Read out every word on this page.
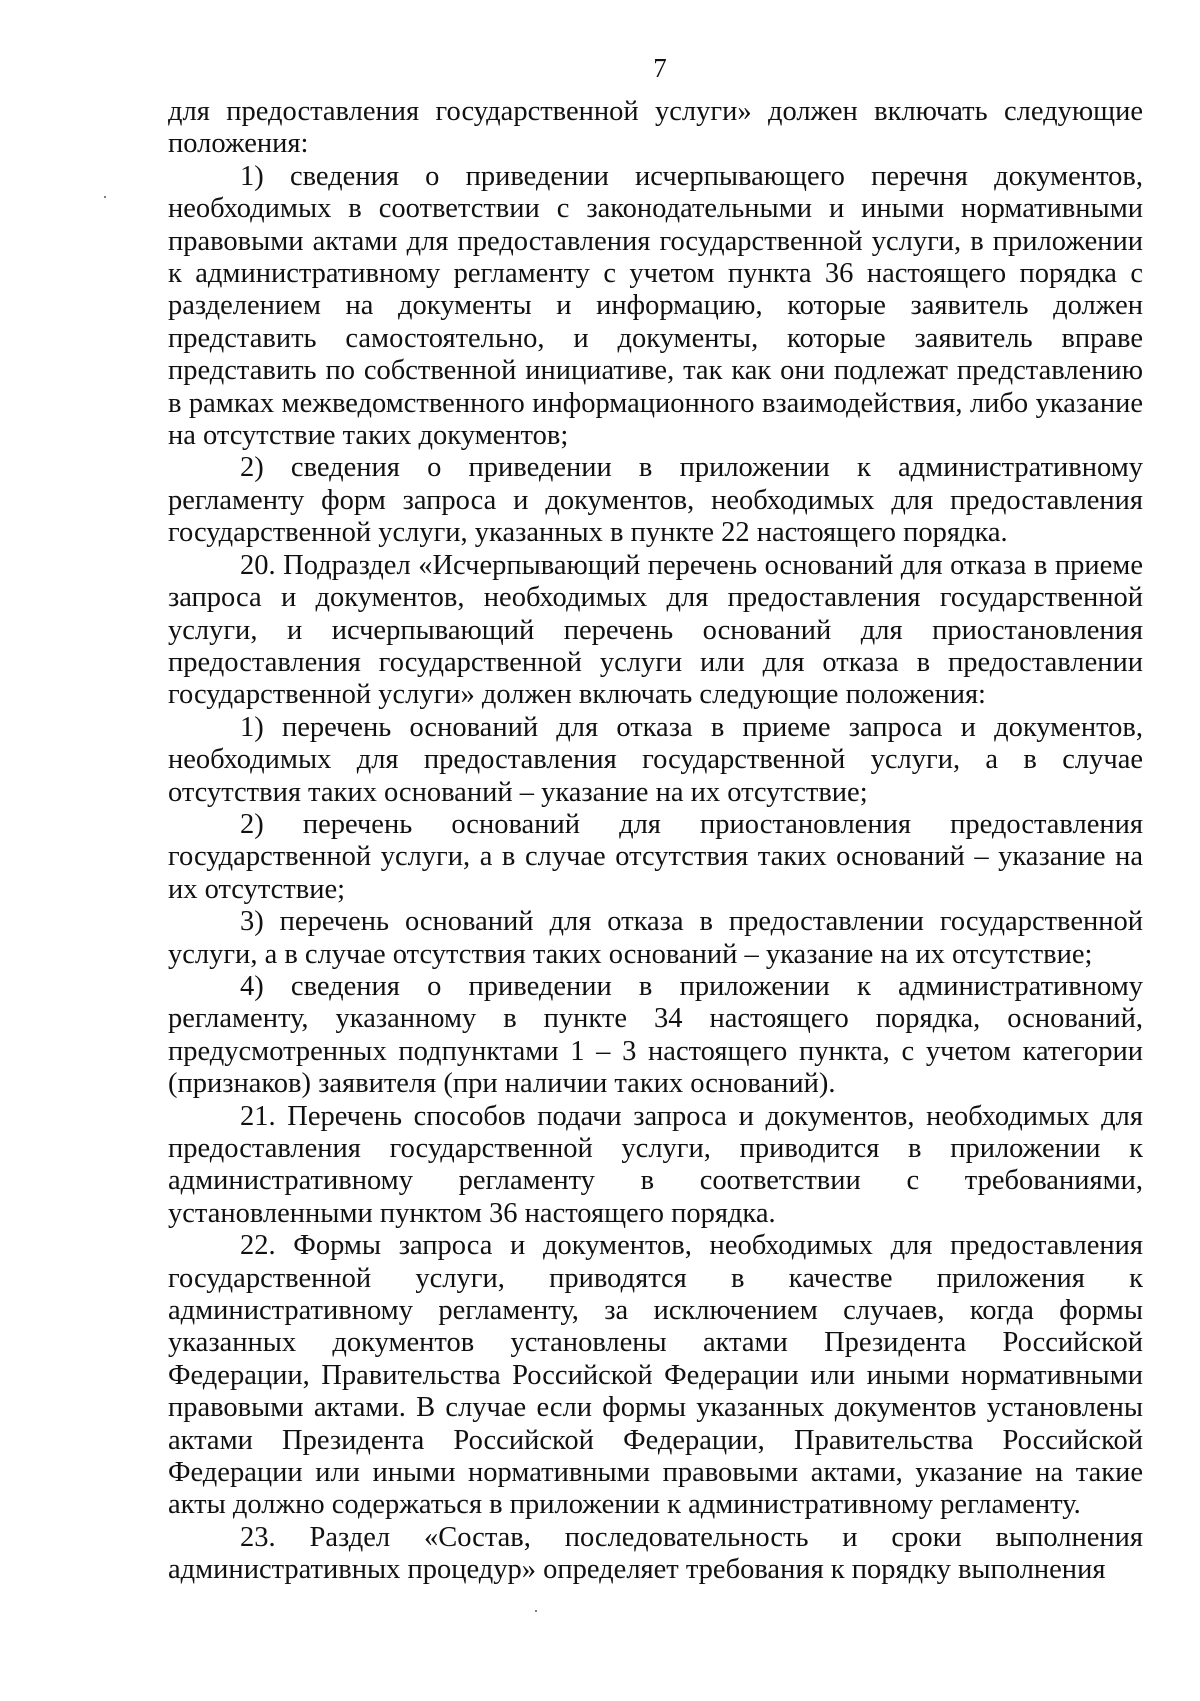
7

для предоставления государственной услуги» должен включать следующие положения:

1) сведения о приведении исчерпывающего перечня документов, необходимых в соответствии с законодательными и иными нормативными правовыми актами для предоставления государственной услуги, в приложении к административному регламенту с учетом пункта 36 настоящего порядка с разделением на документы и информацию, которые заявитель должен представить самостоятельно, и документы, которые заявитель вправе представить по собственной инициативе, так как они подлежат представлению в рамках межведомственного информационного взаимодействия, либо указание на отсутствие таких документов;

2) сведения о приведении в приложении к административному регламенту форм запроса и документов, необходимых для предоставления государственной услуги, указанных в пункте 22 настоящего порядка.

20. Подраздел «Исчерпывающий перечень оснований для отказа в приеме запроса и документов, необходимых для предоставления государственной услуги, и исчерпывающий перечень оснований для приостановления предоставления государственной услуги или для отказа в предоставлении государственной услуги» должен включать следующие положения:

1) перечень оснований для отказа в приеме запроса и документов, необходимых для предоставления государственной услуги, а в случае отсутствия таких оснований – указание на их отсутствие;

2) перечень оснований для приостановления предоставления государственной услуги, а в случае отсутствия таких оснований – указание на их отсутствие;

3) перечень оснований для отказа в предоставлении государственной услуги, а в случае отсутствия таких оснований – указание на их отсутствие;

4) сведения о приведении в приложении к административному регламенту, указанному в пункте 34 настоящего порядка, оснований, предусмотренных подпунктами 1 – 3 настоящего пункта, с учетом категории (признаков) заявителя (при наличии таких оснований).

21. Перечень способов подачи запроса и документов, необходимых для предоставления государственной услуги, приводится в приложении к административному регламенту в соответствии с требованиями, установленными пунктом 36 настоящего порядка.

22. Формы запроса и документов, необходимых для предоставления государственной услуги, приводятся в качестве приложения к административному регламенту, за исключением случаев, когда формы указанных документов установлены актами Президента Российской Федерации, Правительства Российской Федерации или иными нормативными правовыми актами. В случае если формы указанных документов установлены актами Президента Российской Федерации, Правительства Российской Федерации или иными нормативными правовыми актами, указание на такие акты должно содержаться в приложении к административному регламенту.

23. Раздел «Состав, последовательность и сроки выполнения административных процедур» определяет требования к порядку выполнения
